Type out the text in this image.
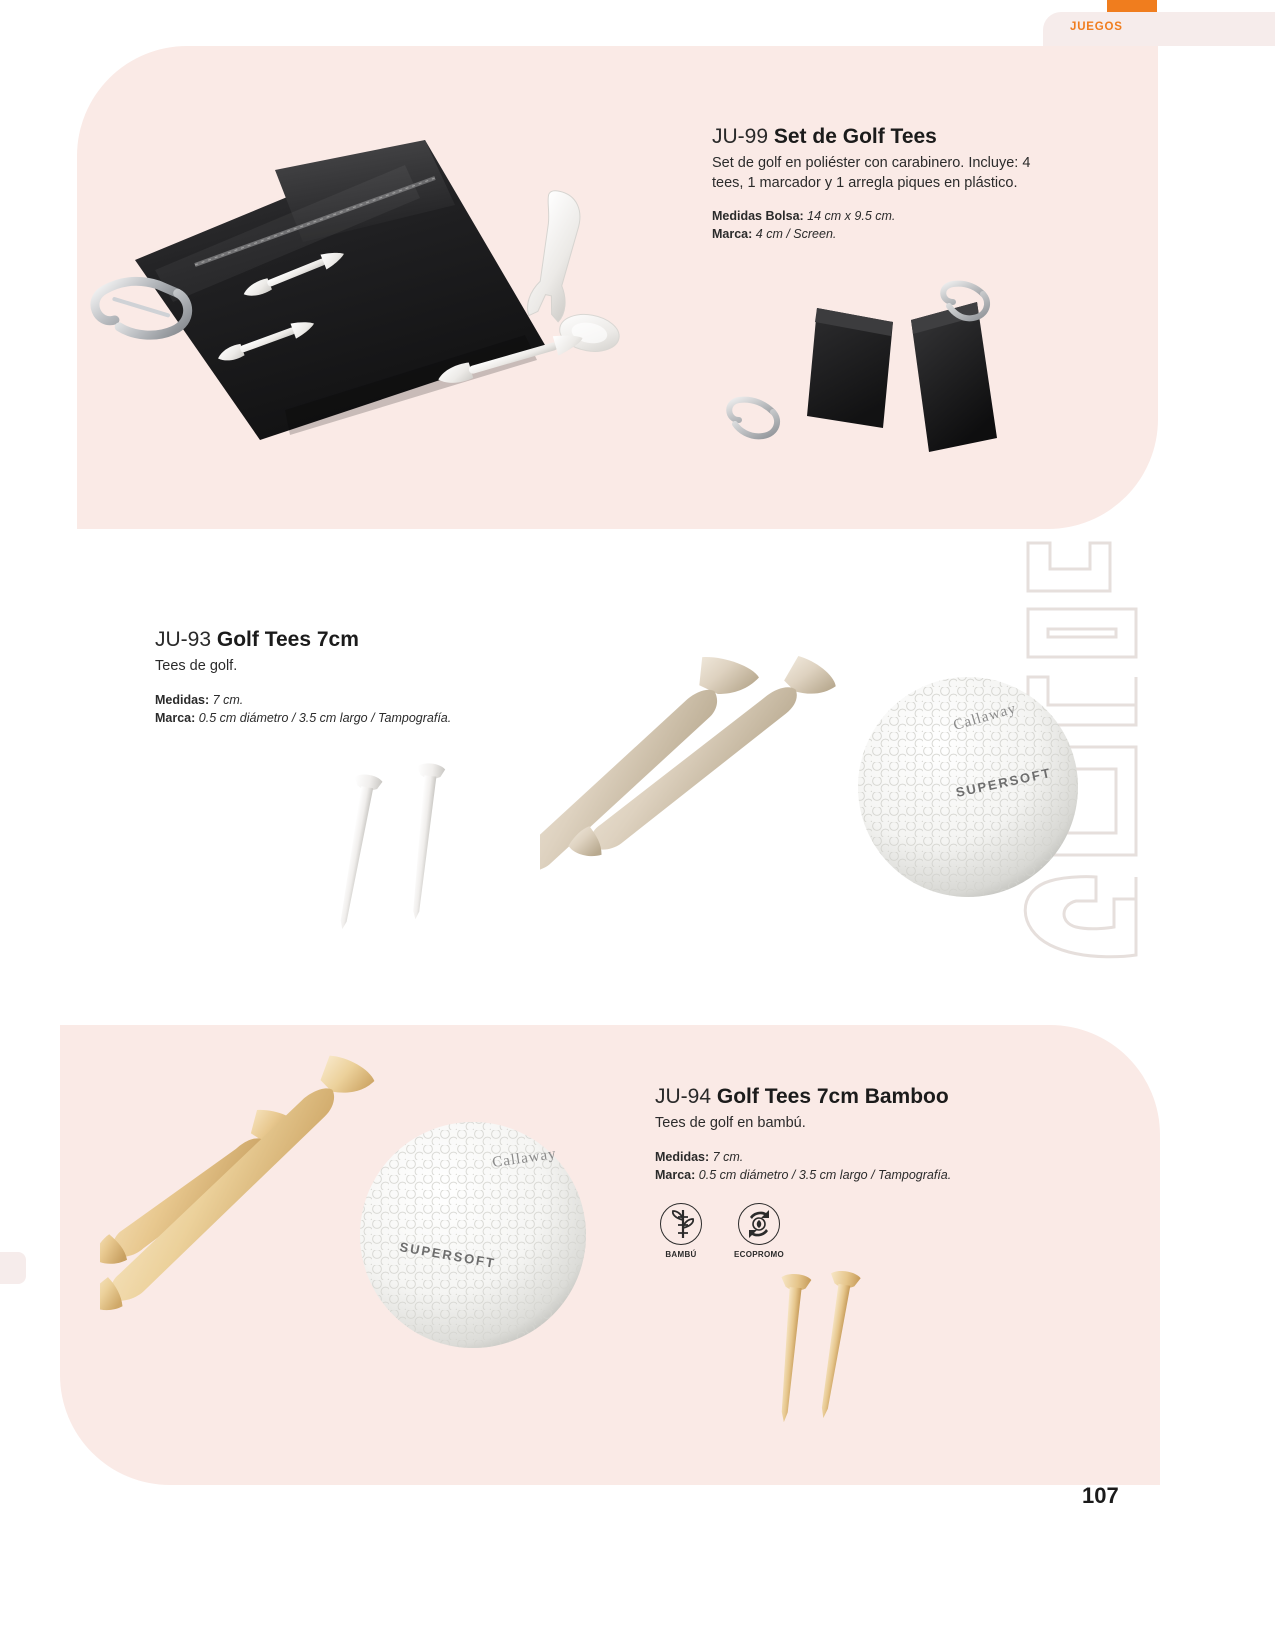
JUEGOS
JU-99 Set de Golf Tees

Set de golf en poliéster con carabinero. Incluye: 4 tees, 1 marcador y 1 arregla piques en plástico.

Medidas Bolsa: 14 cm x 9.5 cm.
Marca: 4 cm / Screen.
JU-93 Golf Tees 7cm

Tees de golf.

Medidas: 7 cm.
Marca: 0.5 cm diámetro / 3.5 cm largo / Tampografía.
SUPERSOFT
Callaway
SUPERSOFT
Callaway
JU-94 Golf Tees 7cm Bamboo

Tees de golf en bambú.

Medidas: 7 cm.
Marca: 0.5 cm diámetro / 3.5 cm largo / Tampografía.
BAMBÚ	ECOPROMO
107
